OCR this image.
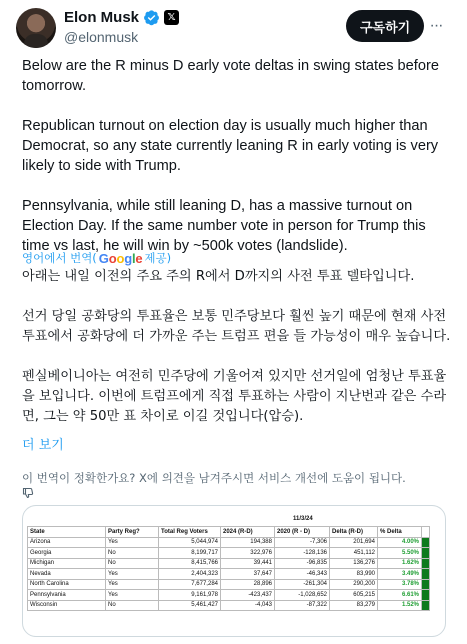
Elon Musk	𝕏
@elonmusk
구독하기	···

Below are the R minus D early vote deltas in swing states before tomorrow.

Republican turnout on election day is usually much higher than Democrat, so any state currently leaning R in early voting is very likely to side with Trump.

Pennsylvania, while still leaning D, has a massive turnout on Election Day. If the same number vote in person for Trump this time vs last, he will win by ~500k votes (landslide).

영어에서 번역( Google 제공)

아래는 내일 이전의 주요 주의 R에서 D까지의 사전 투표 델타입니다.

선거 당일 공화당의 투표율은 보통 민주당보다 훨씬 높기 때문에 현재 사전 투표에서 공화당에 더 가까운 주는 트럼프 편을 들 가능성이 매우 높습니다.

펜실베이니아는 여전히 민주당에 기울어져 있지만 선거일에 엄청난 투표율을 보입니다. 이번에 트럼프에게 직접 투표하는 사람이 지난번과 같은 수라면, 그는 약 50만 표 차이로 이길 것입니다(압승).

더 보기
이 번역이 정확한가요? X에 의견을 남겨주시면 서비스 개선에 도움이 됩니다.
11/3/24
State	Party Reg?	Total Reg Voters	2024 (R-D)	2020 (R - D)	Delta (R-D)	% Delta	
Arizona	Yes	5,044,974	194,388	-7,306	201,694	4.00%	
Georgia	No	8,199,717	322,976	-128,136	451,112	5.50%	
Michigan	No	8,415,766	39,441	-96,835	136,276	1.62%	
Nevada	Yes	2,404,323	37,647	-46,343	83,990	3.49%	
North Carolina	Yes	7,677,284	28,896	-261,304	290,200	3.78%	
Pennsylvania	Yes	9,161,978	-423,437	-1,028,652	605,215	6.61%	
Wisconsin	No	5,461,427	-4,043	-87,322	83,279	1.52%	
